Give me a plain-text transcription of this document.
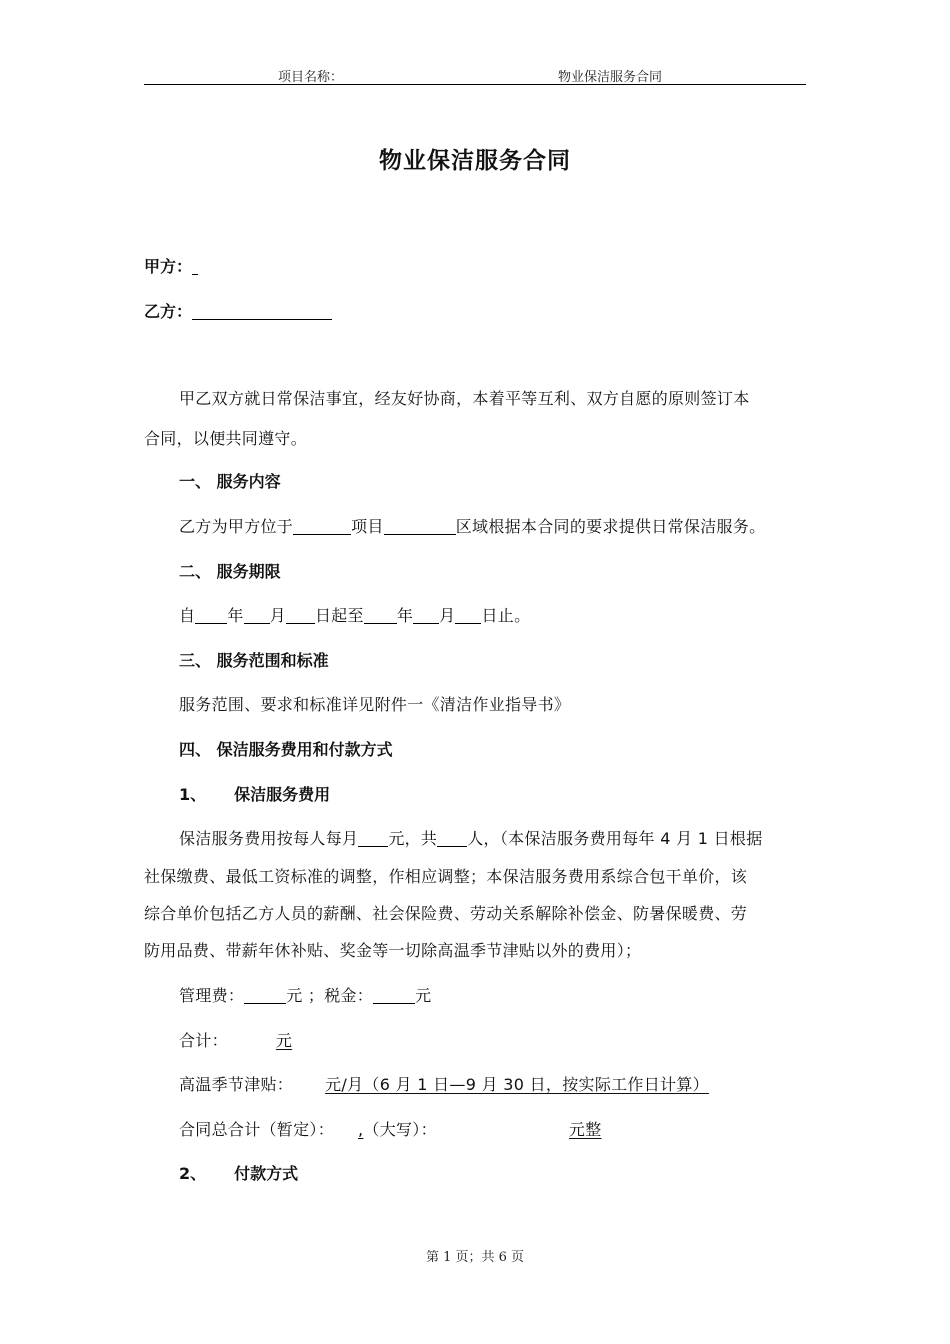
项目名称：	物业保洁服务合同
物业保洁服务合同
甲方：
乙方：
甲乙双方就日常保洁事宜，经友好协商，本着平等互利、双方自愿的原则签订本
合同，以便共同遵守。
一、 服务内容
乙方为甲方位于	项目	区域根据本合同的要求提供日常保洁服务。
二、 服务期限
自 年 月 日起至 年 月 日止。
三、 服务范围和标准
服务范围、要求和标准详见附件一《清洁作业指导书》
四、 保洁服务费用和付款方式
1、 保洁服务费用
保洁服务费用按每人每月 元，共 人，（本保洁服务费用每年 4 月 1 日根据
社保缴费、最低工资标准的调整，作相应调整；本保洁服务费用系综合包干单价，该
综合单价包括乙方人员的薪酬、社会保险费、劳动关系解除补偿金、防暑保暖费、劳
防用品费、带薪年休补贴、奖金等一切除高温季节津贴以外的费用）；
管理费：	元 ；税金：	元
合计：	元
高温季节津贴： 元/月（6 月 1 日—9 月 30 日，按实际工作日计算）
合同总合计（暂定）： ,（大写）：	元整
2、 付款方式
第 1 页；共 6 页
